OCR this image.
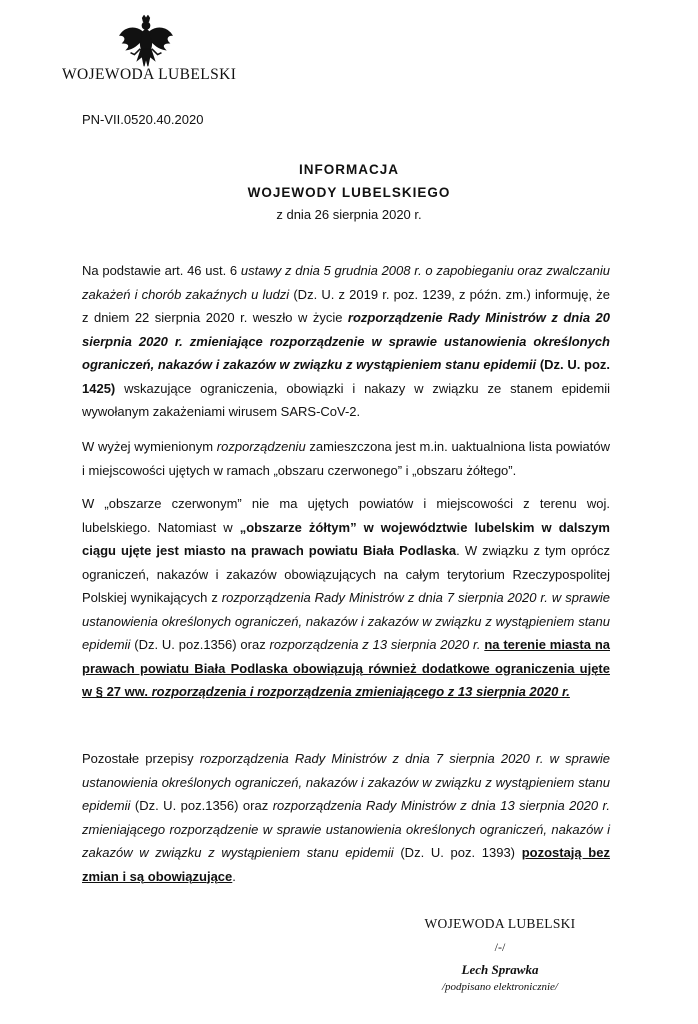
WOJEWODA LUBELSKI
PN-VII.0520.40.2020
INFORMACJA
WOJEWODY LUBELSKIEGO
z dnia 26 sierpnia 2020 r.
Na podstawie art. 46 ust. 6 ustawy z dnia 5 grudnia 2008 r. o zapobieganiu oraz zwalczaniu zakażeń i chorób zakaźnych u ludzi (Dz. U. z 2019 r. poz. 1239, z późn. zm.) informuję, że z dniem 22 sierpnia 2020 r. weszło w życie rozporządzenie Rady Ministrów z dnia 20 sierpnia 2020 r. zmieniające rozporządzenie w sprawie ustanowienia określonych ograniczeń, nakazów i zakazów w związku z wystąpieniem stanu epidemii (Dz. U. poz. 1425) wskazujące ograniczenia, obowiązki i nakazy w związku ze stanem epidemii wywołanym zakażeniami wirusem SARS-CoV-2.
W wyżej wymienionym rozporządzeniu zamieszczona jest m.in. uaktualniona lista powiatów i miejscowości ujętych w ramach „obszaru czerwonego” i „obszaru żółtego”.
W „obszarze czerwonym” nie ma ujętych powiatów i miejscowości z terenu woj. lubelskiego. Natomiast w „obszarze żółtym” w województwie lubelskim w dalszym ciągu ujęte jest miasto na prawach powiatu Biała Podlaska. W związku z tym oprócz ograniczeń, nakazów i zakazów obowiązujących na całym terytorium Rzeczypospolitej Polskiej wynikających z rozporządzenia Rady Ministrów z dnia 7 sierpnia 2020 r. w sprawie ustanowienia określonych ograniczeń, nakazów i zakazów w związku z wystąpieniem stanu epidemii (Dz. U. poz.1356) oraz rozporządzenia z 13 sierpnia 2020 r. na terenie miasta na prawach powiatu Biała Podlaska obowiązują również dodatkowe ograniczenia ujęte w § 27 ww. rozporządzenia i rozporządzenia zmieniającego z 13 sierpnia 2020 r.
Pozostałe przepisy rozporządzenia Rady Ministrów z dnia 7 sierpnia 2020 r. w sprawie ustanowienia określonych ograniczeń, nakazów i zakazów w związku z wystąpieniem stanu epidemii (Dz. U. poz.1356) oraz rozporządzenia Rady Ministrów z dnia 13 sierpnia 2020 r. zmieniającego rozporządzenie w sprawie ustanowienia określonych ograniczeń, nakazów i zakazów w związku z wystąpieniem stanu epidemii (Dz. U. poz. 1393) pozostają bez zmian i są obowiązujące.
WOJEWODA LUBELSKI
/-/
Lech Sprawka
/podpisano elektronicznie/
